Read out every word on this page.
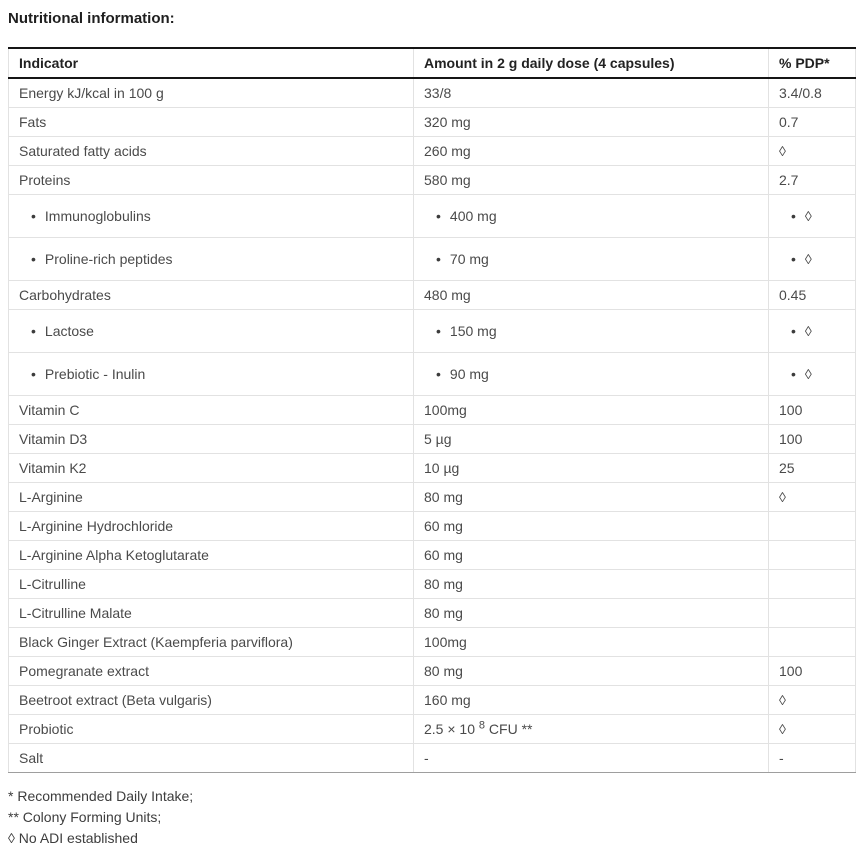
Nutritional information:
Indicator	Amount in 2 g daily dose (4 capsules)	% PDP*
Energy kJ/kcal in 100 g	33/8	3.4/0.8
Fats	320 mg	0.7
Saturated fatty acids	260 mg	◊
Proteins	580 mg	2.7
• Immunoglobulins	• 400 mg	• ◊
• Proline-rich peptides	• 70 mg	• ◊
Carbohydrates	480 mg	0.45
• Lactose	• 150 mg	• ◊
• Prebiotic - Inulin	• 90 mg	• ◊
Vitamin C	100mg	100
Vitamin D3	5 µg	100
Vitamin K2	10 µg	25
L-Arginine	80 mg	◊
L-Arginine Hydrochloride	60 mg	
L-Arginine Alpha Ketoglutarate	60 mg	
L-Citrulline	80 mg	
L-Citrulline Malate	80 mg	
Black Ginger Extract (Kaempferia parviflora)	100mg	
Pomegranate extract	80 mg	100
Beetroot extract (Beta vulgaris)	160 mg	◊
Probiotic	2.5 × 10 $^8$ CFU **	◊
Salt	-	-
* Recommended Daily Intake;
** Colony Forming Units;
◊ No ADI established
